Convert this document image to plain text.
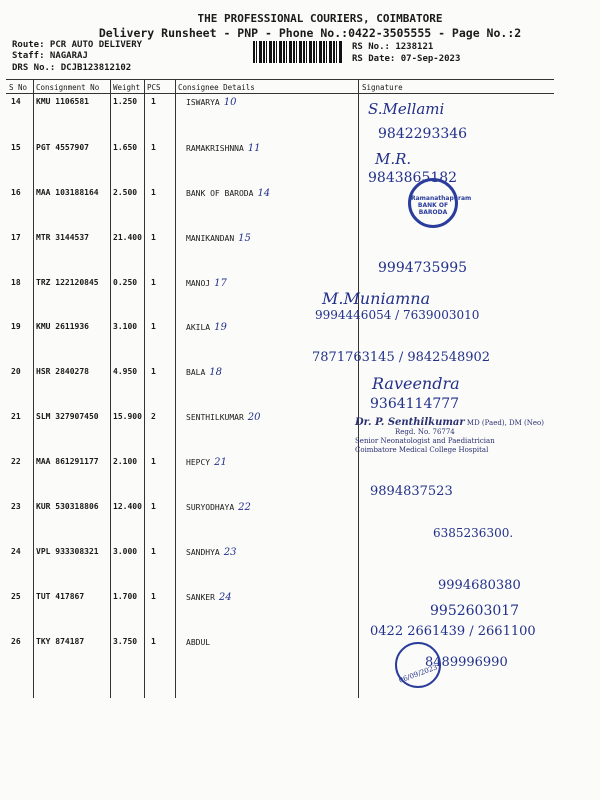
THE PROFESSIONAL COURIERS, COIMBATORE
Delivery Runsheet - PNP - Phone No.:0422-3505555 - Page No.:2
Route: PCR AUTO DELIVERY
Staff: NAGARAJ
DRS No.: DCJB123812102
RS No.: 1238121
RS Date: 07-Sep-2023
S No Consignment No Weight PCS Consignee Details	Signature
14 KMU 1106581	1.250 1	ISWARYA 10	S.Mellami
9842293346
15 PGT 4557907	1.650 1	RAMAKRISHNNA 11
M.R.
9843865182
16 MAA 103188164 2.500 1	BANK OF BARODA 14
17 MTR 3144537	21.400 1	MANIKANDAN 15
9994735995
18 TRZ 122120845 0.250 1	MANOJ 17
M.Muniamna
9994446054 / 7639003010
19 KMU 2611936	3.100 1	AKILA 19
7871763145 / 9842548902
20 HSR 2840278	4.950 1	BALA 18
Raveendra
9364114777
21 SLM 327907450 15.900 2	SENTHILKUMAR 20
22 MAA 861291177 2.100 1	HEPCY 21
9894837523
23 KUR 530318806 12.400 1	SURYODHAYA 22
6385236300.
24 VPL 933308321 3.000 1	SANDHYA 23
9994680380
25 TUT 417867	1.700 1	SANKER 24
9952603017
0422 2661439 / 2661100
26 TKY 874187	3.750 1	ABDUL
8489996990
06/09/2023
Ramanathapuram
BANK OF BARODA
Dr. P. Senthilkumar MD (Paed), DM (Neo)
Regd. No. 76774
Senior Neonatologist and Paediatrician
Coimbatore Medical College Hospital
